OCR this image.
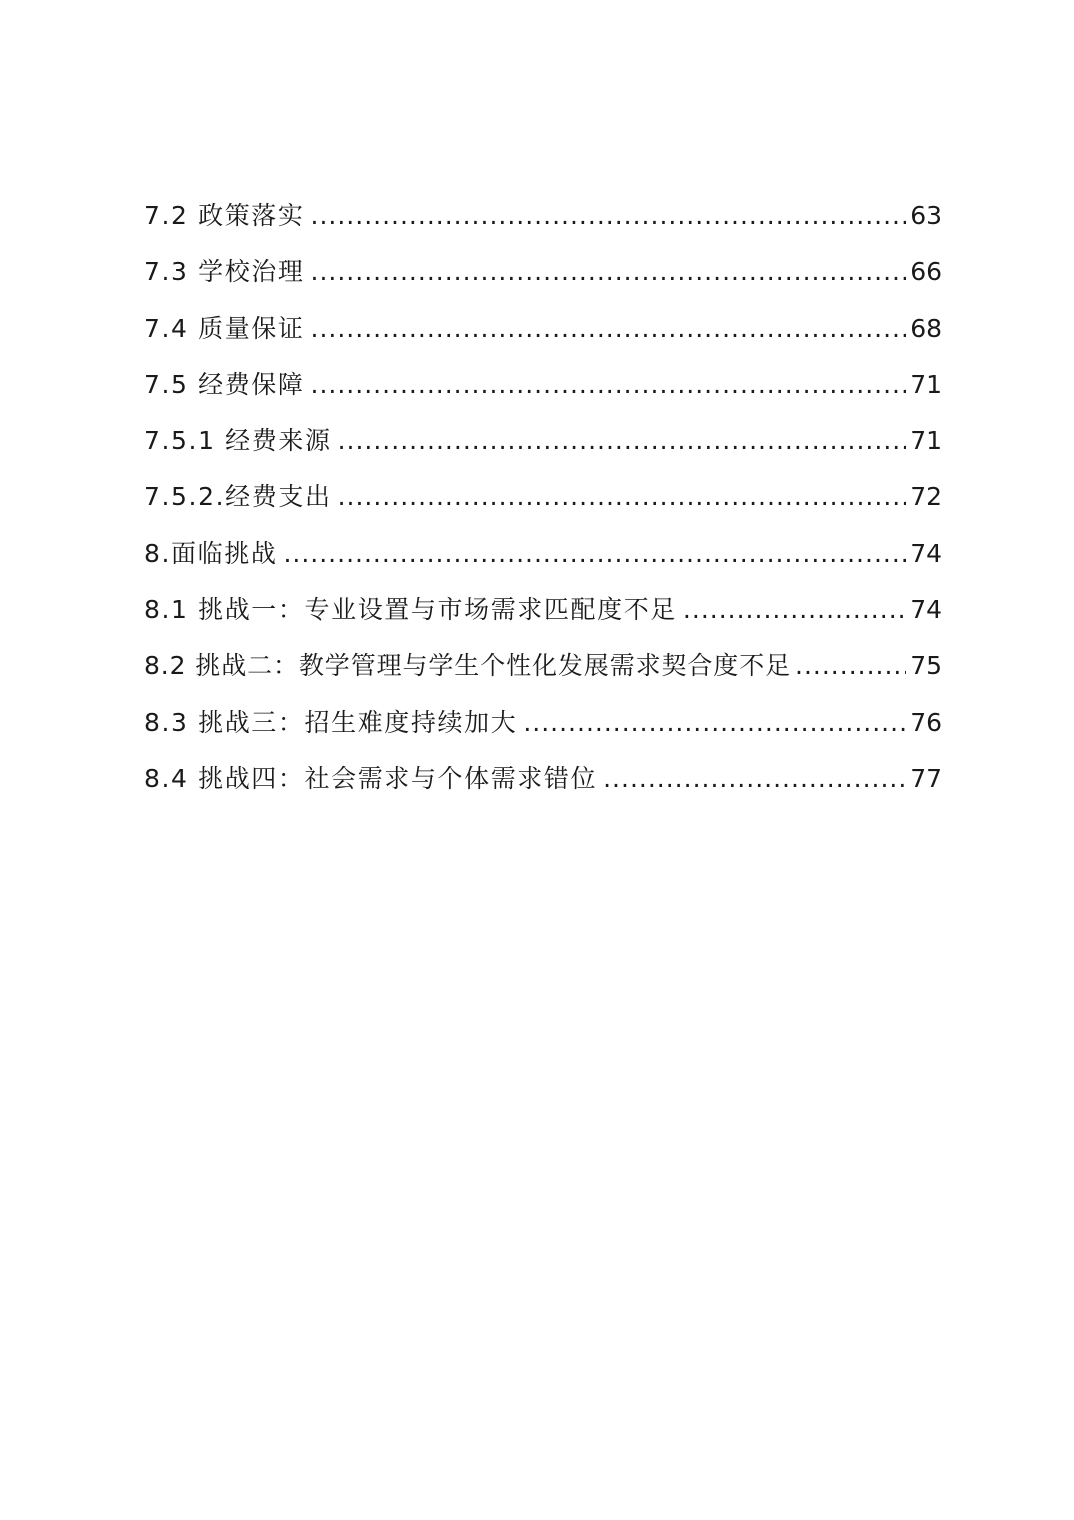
7.2 政策落实 .....	63
7.3 学校治理 .....	66
7.4 质量保证 .....	68
7.5 经费保障 .....	71
7.5.1 经费来源 .....	71
7.5.2.经费支出 .....	72
8.面临挑战 .....	74
8.1 挑战一：专业设置与市场需求匹配度不足 .....	74
8.2 挑战二：教学管理与学生个性化发展需求契合度不足 .....	75
8.3 挑战三：招生难度持续加大 .....	76
8.4 挑战四：社会需求与个体需求错位 .....	77
